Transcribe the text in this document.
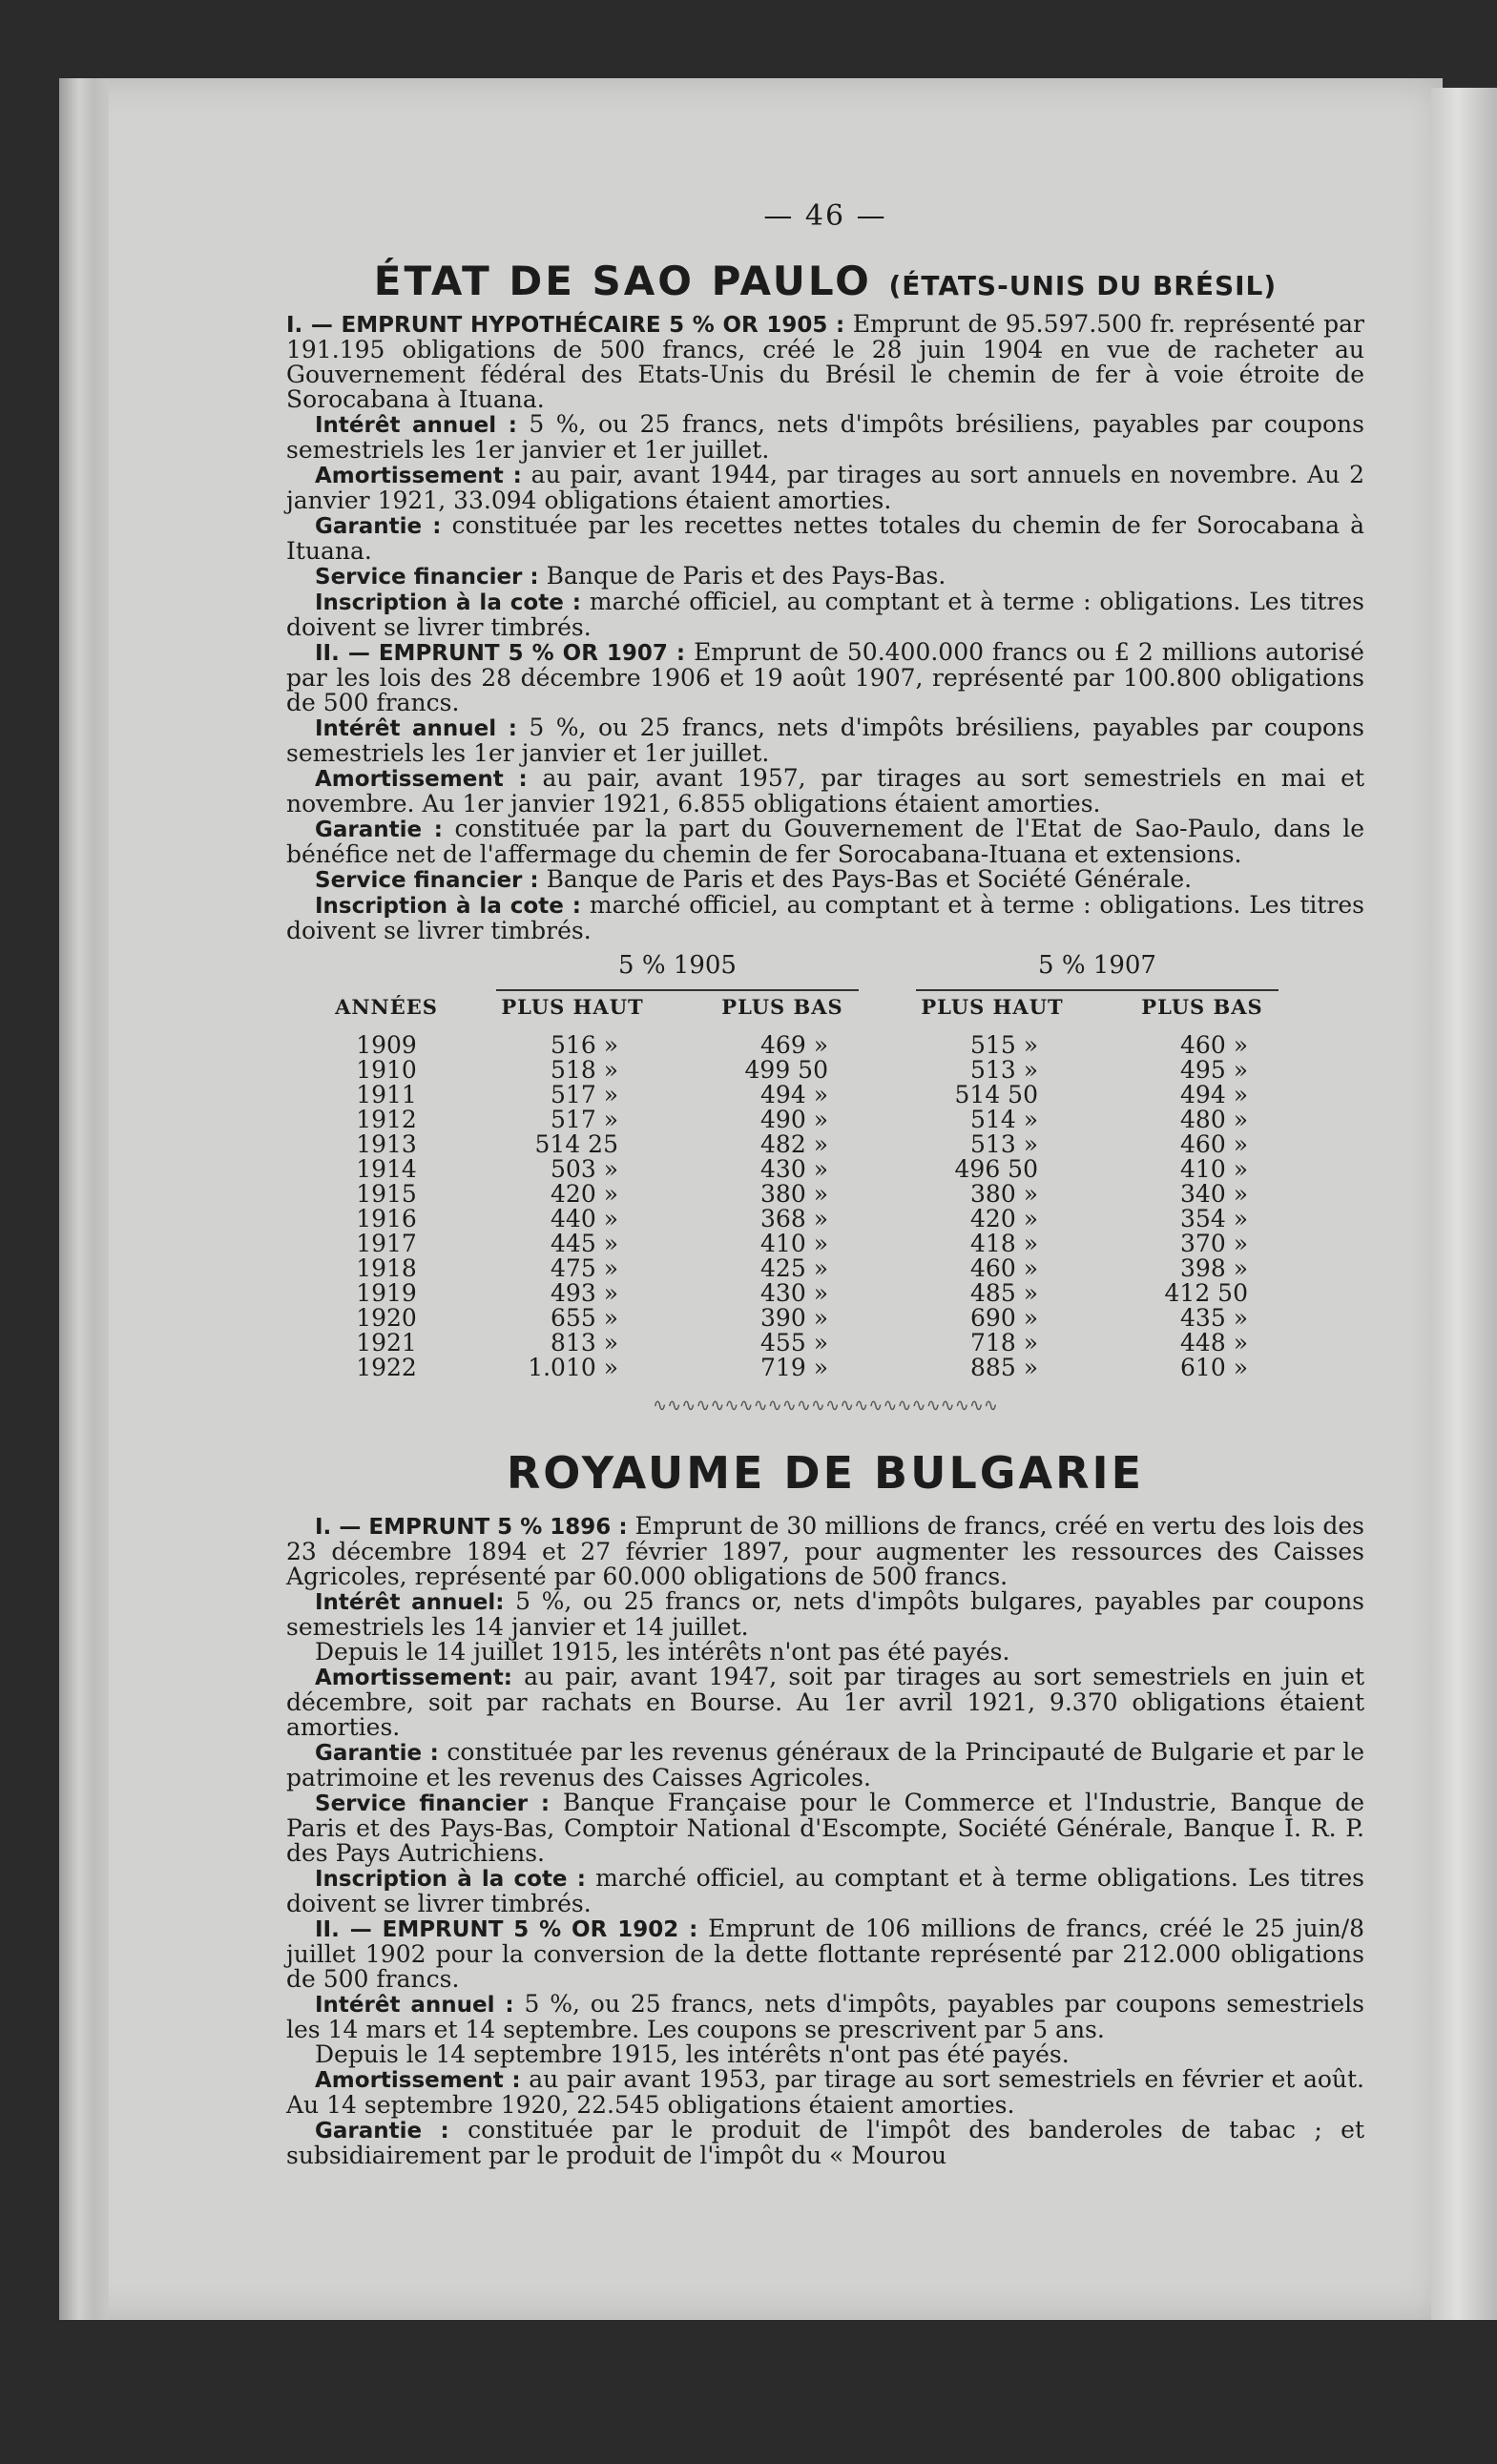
— 46 —
ÉTAT DE SAO PAULO (ÉTATS-UNIS DU BRÉSIL)

I. — EMPRUNT HYPOTHÉCAIRE 5 % OR 1905 : Emprunt de 95.597.500 fr. représenté par 191.195 obligations de 500 francs, créé le 28 juin 1904 en vue de racheter au Gouvernement fédéral des Etats-Unis du Brésil le chemin de fer à voie étroite de Sorocabana à Ituana.

Intérêt annuel : 5 %, ou 25 francs, nets d'impôts brésiliens, payables par coupons semestriels les 1er janvier et 1er juillet.

Amortissement : au pair, avant 1944, par tirages au sort annuels en novembre. Au 2 janvier 1921, 33.094 obligations étaient amorties.

Garantie : constituée par les recettes nettes totales du chemin de fer Sorocabana à Ituana.

Service financier : Banque de Paris et des Pays-Bas.

Inscription à la cote : marché officiel, au comptant et à terme : obligations. Les titres doivent se livrer timbrés.

II. — EMPRUNT 5 % OR 1907 : Emprunt de 50.400.000 francs ou £ 2 millions autorisé par les lois des 28 décembre 1906 et 19 août 1907, représenté par 100.800 obligations de 500 francs.

Intérêt annuel : 5 %, ou 25 francs, nets d'impôts brésiliens, payables par coupons semestriels les 1er janvier et 1er juillet.

Amortissement : au pair, avant 1957, par tirages au sort semestriels en mai et novembre. Au 1er janvier 1921, 6.855 obligations étaient amorties.

Garantie : constituée par la part du Gouvernement de l'Etat de Sao-Paulo, dans le bénéfice net de l'affermage du chemin de fer Sorocabana-Ituana et extensions.

Service financier : Banque de Paris et des Pays-Bas et Société Générale.

Inscription à la cote : marché officiel, au comptant et à terme : obligations. Les titres doivent se livrer timbrés.

	5 % 1905		5 % 1907	

ANNÉES	PLUS HAUT	PLUS BAS	PLUS HAUT	PLUS BAS
1909	516 »	469 »	515 »	460 »
1910	518 »	499 50	513 »	495 »
1911	517 »	494 »	514 50	494 »
1912	517 »	490 »	514 »	480 »
1913	514 25	482 »	513 »	460 »
1914	503 »	430 »	496 50	410 »
1915	420 »	380 »	380 »	340 »
1916	440 »	368 »	420 »	354 »
1917	445 »	410 »	418 »	370 »
1918	475 »	425 »	460 »	398 »
1919	493 »	430 »	485 »	412 50
1920	655 »	390 »	690 »	435 »
1921	813 »	455 »	718 »	448 »
1922	1.010 »	719 »	885 »	610 »
∿∿∿∿∿∿∿∿∿∿∿∿∿∿∿∿∿∿∿∿∿∿∿∿
ROYAUME DE BULGARIE

I. — EMPRUNT 5 % 1896 : Emprunt de 30 millions de francs, créé en vertu des lois des 23 décembre 1894 et 27 février 1897, pour augmenter les ressources des Caisses Agricoles, représenté par 60.000 obligations de 500 francs.

Intérêt annuel: 5 %, ou 25 francs or, nets d'impôts bulgares, payables par coupons semestriels les 14 janvier et 14 juillet.

Depuis le 14 juillet 1915, les intérêts n'ont pas été payés.

Amortissement: au pair, avant 1947, soit par tirages au sort semestriels en juin et décembre, soit par rachats en Bourse. Au 1er avril 1921, 9.370 obligations étaient amorties.

Garantie : constituée par les revenus généraux de la Principauté de Bulgarie et par le patrimoine et les revenus des Caisses Agricoles.

Service financier : Banque Française pour le Commerce et l'Industrie, Banque de Paris et des Pays-Bas, Comptoir National d'Escompte, Société Générale, Banque I. R. P. des Pays Autrichiens.

Inscription à la cote : marché officiel, au comptant et à terme obligations. Les titres doivent se livrer timbrés.

II. — EMPRUNT 5 % OR 1902 : Emprunt de 106 millions de francs, créé le 25 juin/8 juillet 1902 pour la conversion de la dette flottante représenté par 212.000 obligations de 500 francs.

Intérêt annuel : 5 %, ou 25 francs, nets d'impôts, payables par coupons semestriels les 14 mars et 14 septembre. Les coupons se prescrivent par 5 ans.

Depuis le 14 septembre 1915, les intérêts n'ont pas été payés.

Amortissement : au pair avant 1953, par tirage au sort semestriels en février et août. Au 14 septembre 1920, 22.545 obligations étaient amorties.

Garantie : constituée par le produit de l'impôt des banderoles de tabac ; et subsidiairement par le produit de l'impôt du « Mourou
